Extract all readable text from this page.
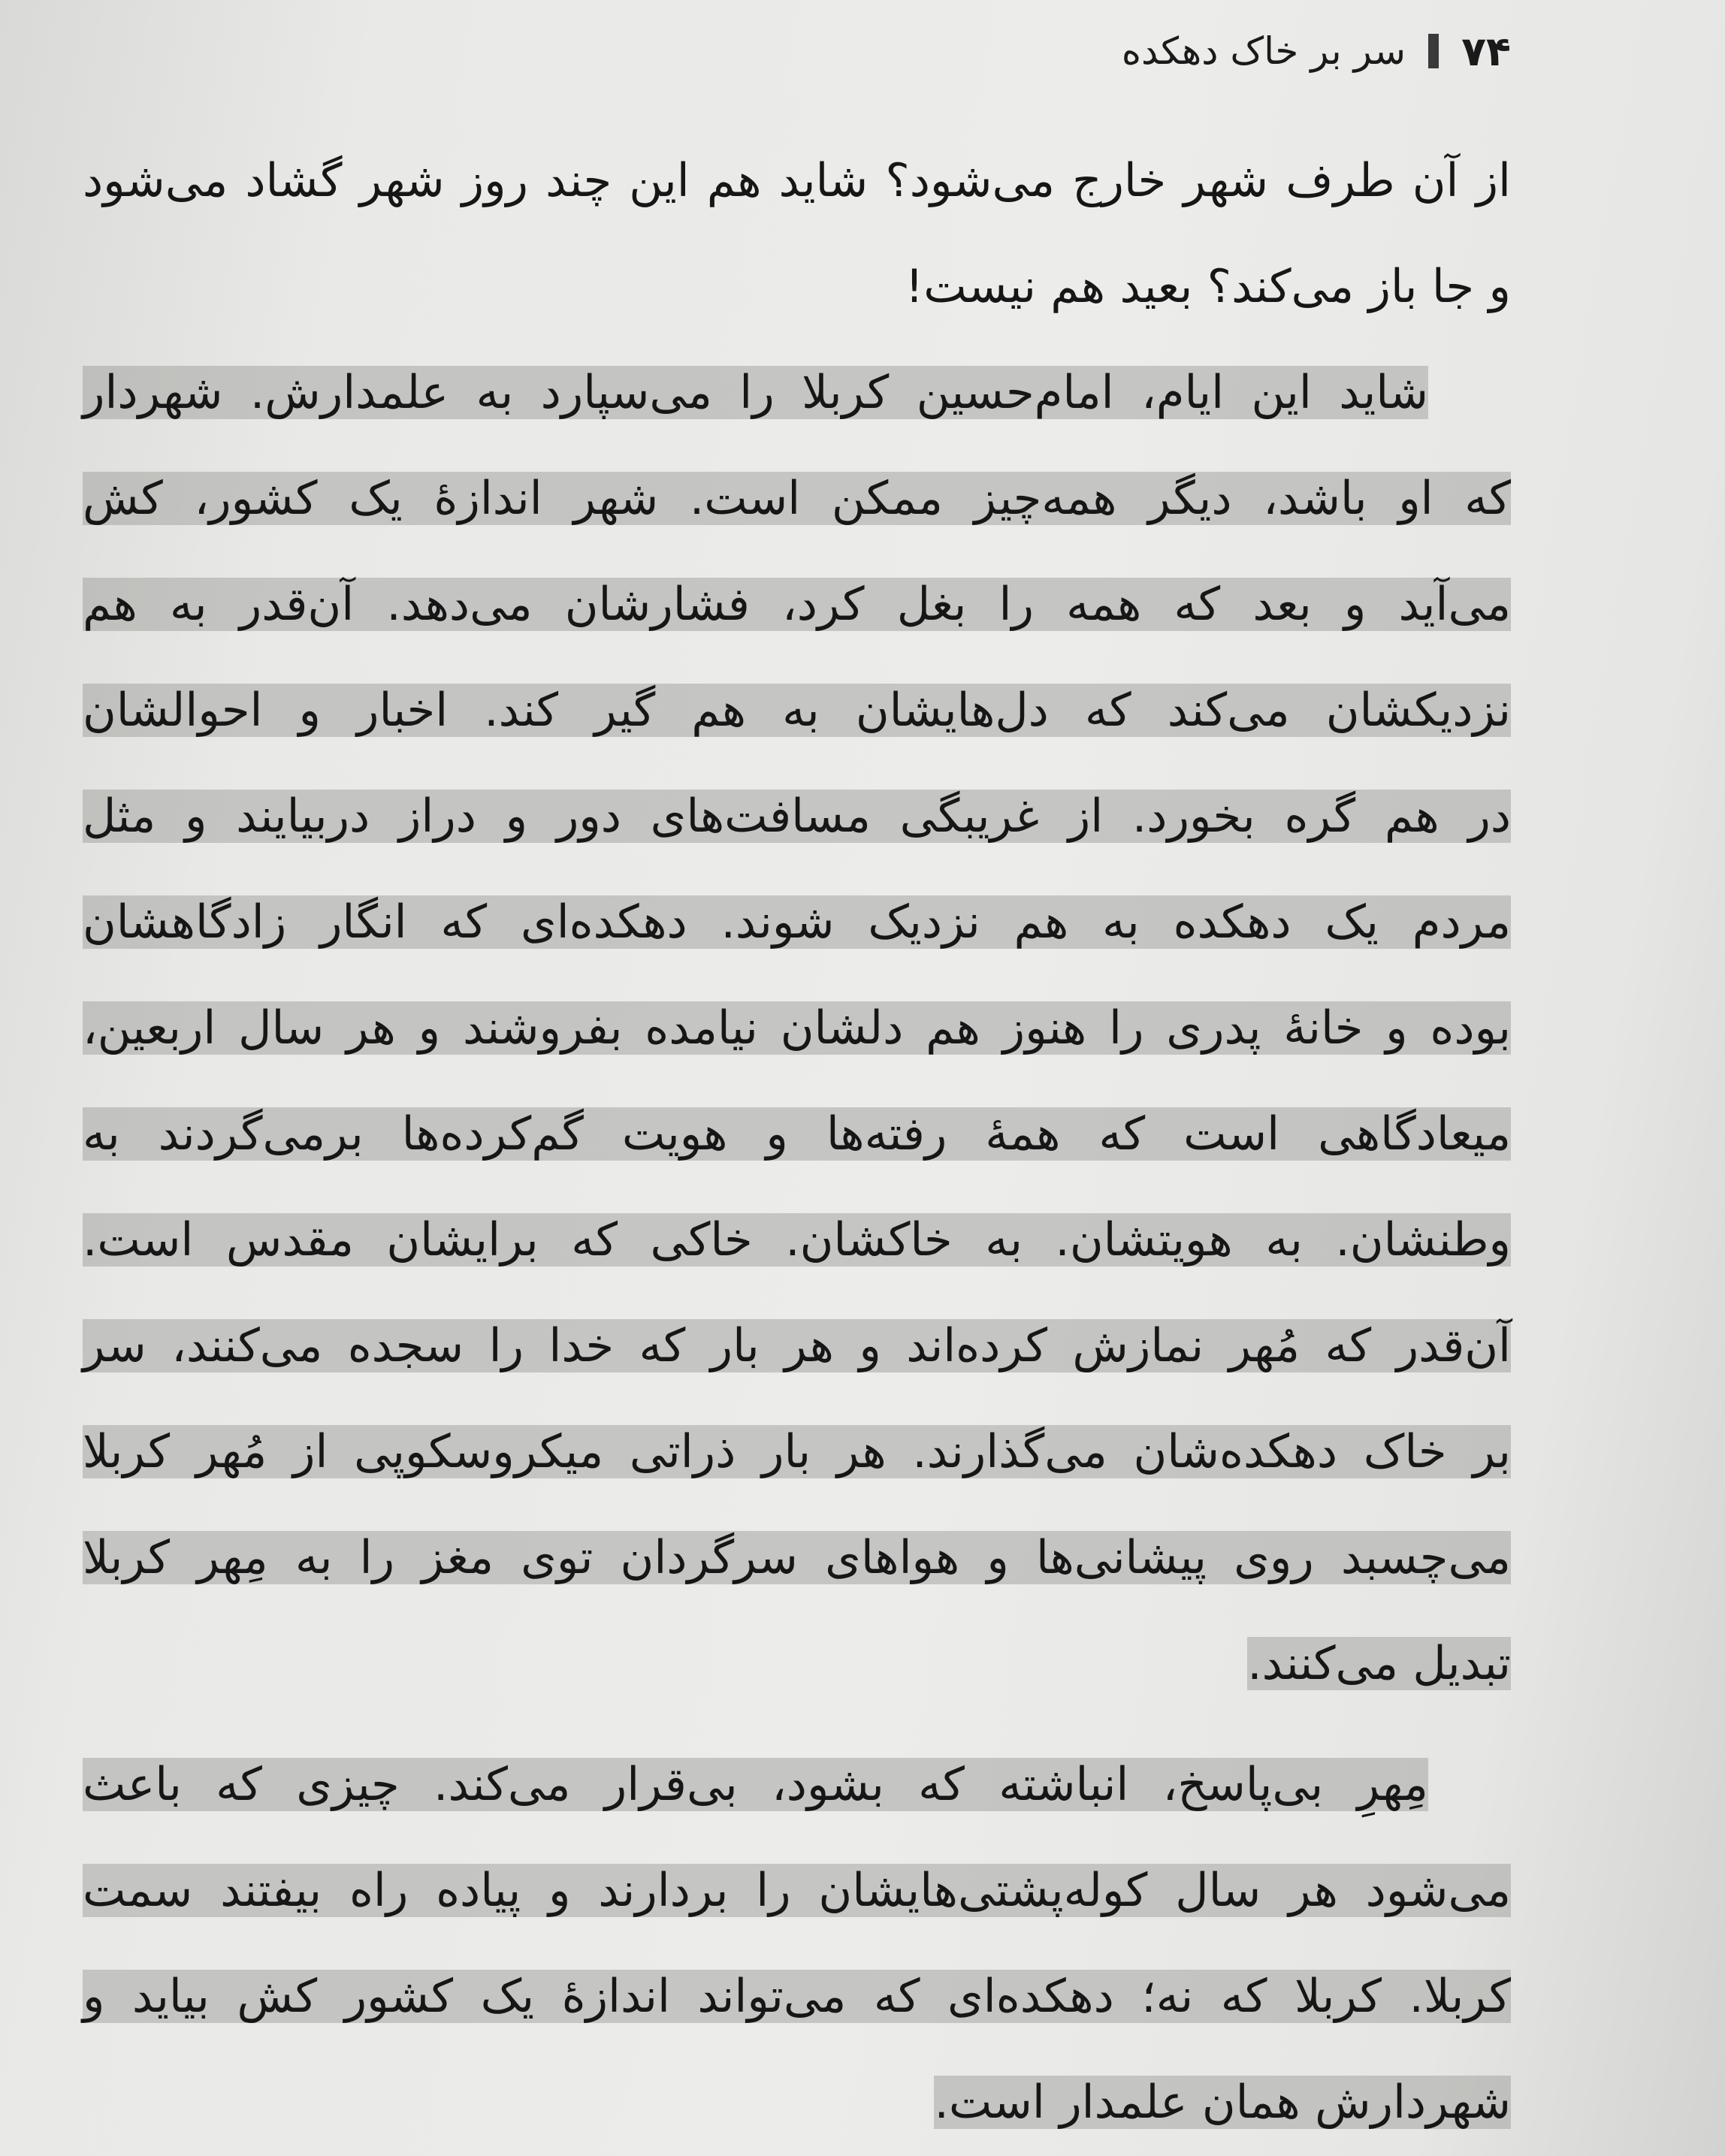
۷۴
سر بر خاک دهکده
از آن طرف شهر خارج می‌شود؟ شاید هم این چند روز شهر گشاد می‌شود
و جا باز می‌کند؟ بعید هم نیست!
شاید این ایام، امام‌حسین کربلا را می‌سپارد به علمدارش. شهردار
که او باشد، دیگر همه‌چیز ممکن است. شهر اندازهٔ یک کشور، کش
می‌آید و بعد که همه را بغل کرد، فشارشان می‌دهد. آن‌قدر به هم
نزدیکشان می‌کند که دل‌هایشان به هم گیر کند. اخبار و احوالشان
در هم گره بخورد. از غریبگی مسافت‌های دور و دراز دربیایند و مثل
مردم یک دهکده به هم نزدیک شوند. دهکده‌ای که انگار زادگاهشان
بوده و خانهٔ پدری را هنوز هم دلشان نیامده بفروشند و هر سال اربعین،
میعادگاهی است که همهٔ رفته‌ها و هویت گم‌کرده‌ها برمی‌گردند به
وطنشان. به هویتشان. به خاکشان. خاکی که برایشان مقدس است.
آن‌قدر که مُهر نمازش کرده‌اند و هر بار که خدا را سجده می‌کنند، سر
بر خاک دهکده‌شان می‌گذارند. هر بار ذراتی میکروسکوپی از مُهر کربلا
می‌چسبد روی پیشانی‌ها و هواهای سرگردان توی مغز را به مِهر کربلا
تبدیل می‌کنند.
مِهرِ بی‌پاسخ، انباشته که بشود، بی‌قرار می‌کند. چیزی که باعث
می‌شود هر سال کوله‌پشتی‌هایشان را بردارند و پیاده راه بیفتند سمت
کربلا. کربلا که نه؛ دهکده‌ای که می‌تواند اندازهٔ یک کشور کش بیاید و
شهردارش همان علمدار است.
